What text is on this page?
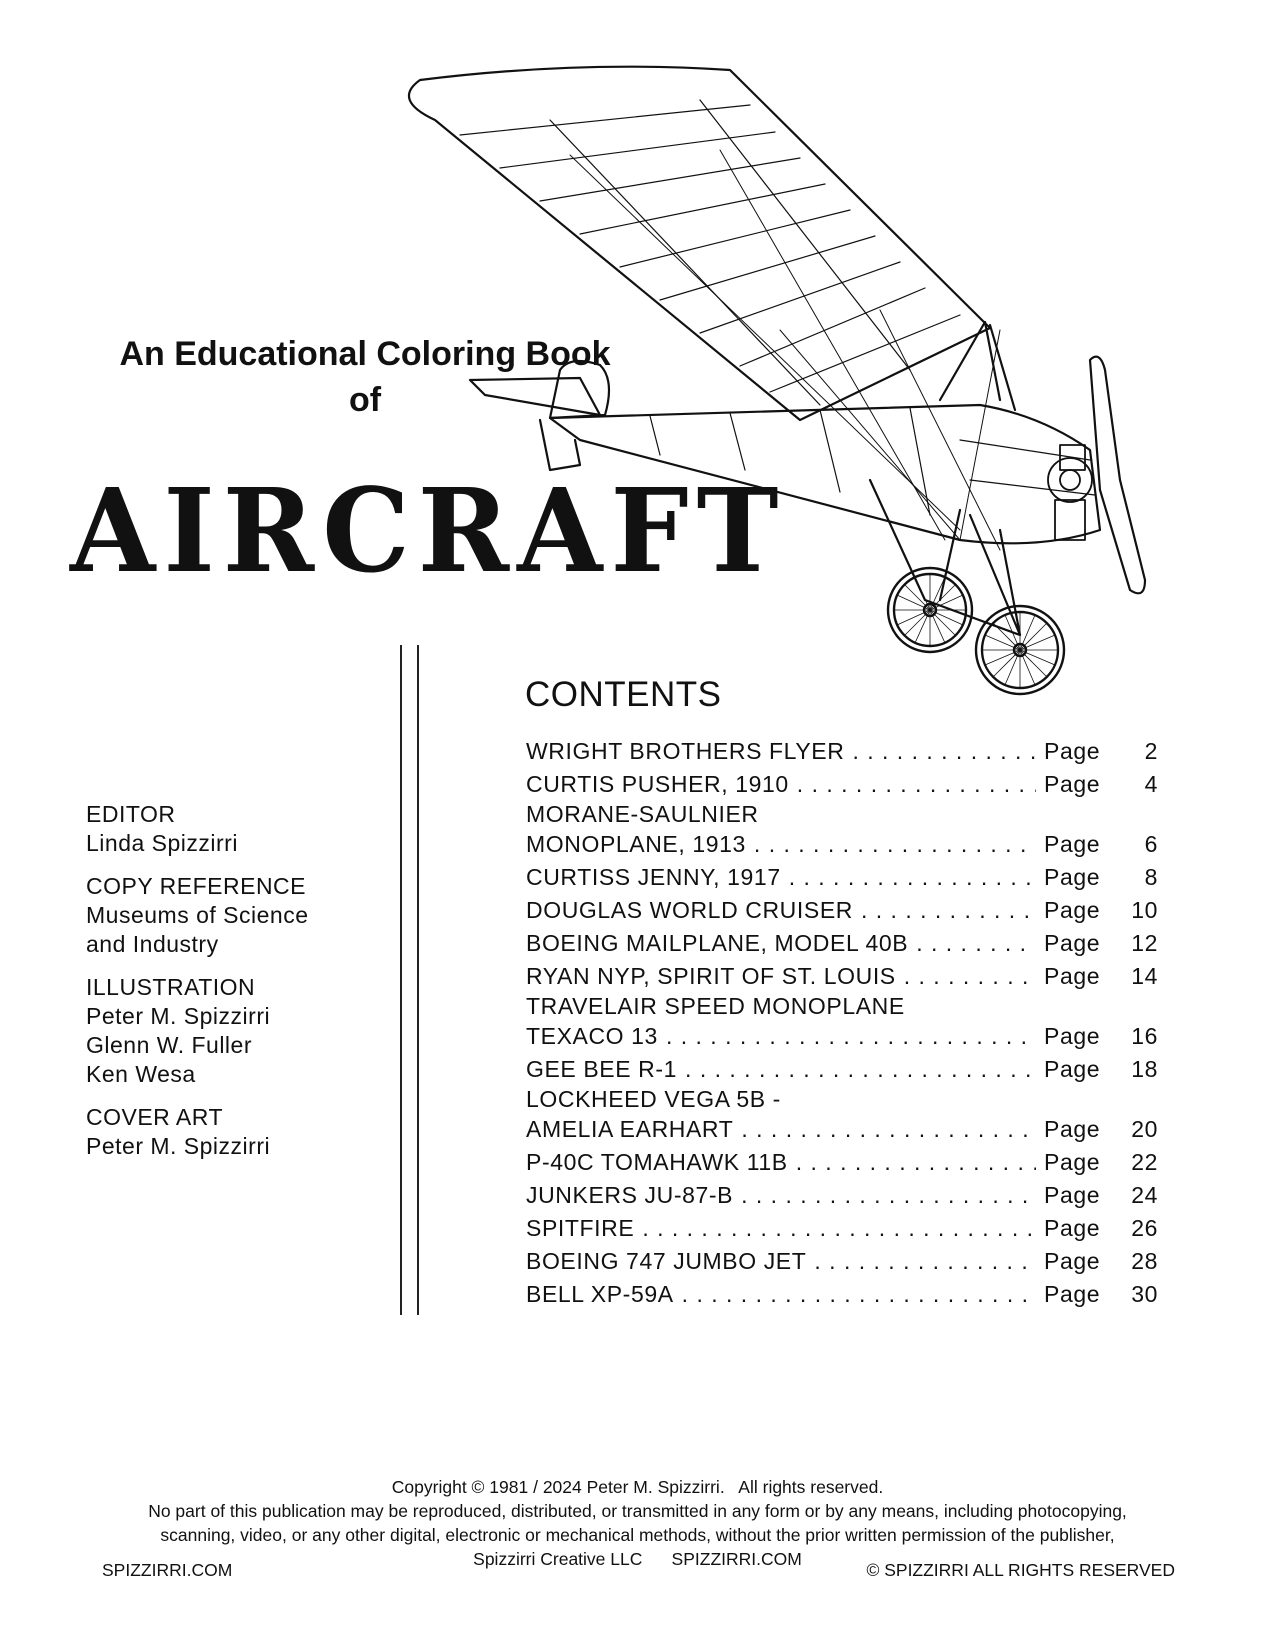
An Educational Coloring Book
of
AIRCRAFT
EDITOR
Linda Spizzirri
COPY REFERENCE
Museums of Science
and Industry
ILLUSTRATION
Peter M. Spizzirri
Glenn W. Fuller
Ken Wesa
COVER ART
Peter M. Spizzirri
CONTENTS
WRIGHT BROTHERS FLYER . . .	Page	2
CURTIS PUSHER, 1910 . . .	Page	4
MORANE-SAULNIER
MONOPLANE, 1913 . . .	Page	6
CURTISS JENNY, 1917 . . .	Page	8
DOUGLAS WORLD CRUISER . . .	Page	10
BOEING MAILPLANE, MODEL 40B . . .	Page	12
RYAN NYP, SPIRIT OF ST. LOUIS . . .	Page	14
TRAVELAIR SPEED MONOPLANE
TEXACO 13 . . .	Page	16
GEE BEE R-1 . . .	Page	18
LOCKHEED VEGA 5B -
AMELIA EARHART . . .	Page	20
P-40C TOMAHAWK 11B . . .	Page	22
JUNKERS JU-87-B . . .	Page	24
SPITFIRE . . .	Page	26
BOEING 747 JUMBO JET . . .	Page	28
BELL XP-59A . . .	Page	30
Copyright © 1981 / 2024 Peter M. Spizzirri.   All rights reserved.
No part of this publication may be reproduced, distributed, or transmitted in any form or by any means, including photocopying,
scanning, video, or any other digital, electronic or mechanical methods, without the prior written permission of the publisher,
Spizzirri Creative LLC      SPIZZIRRI.COM
SPIZZIRRI.COM	© SPIZZIRRI ALL RIGHTS RESERVED
